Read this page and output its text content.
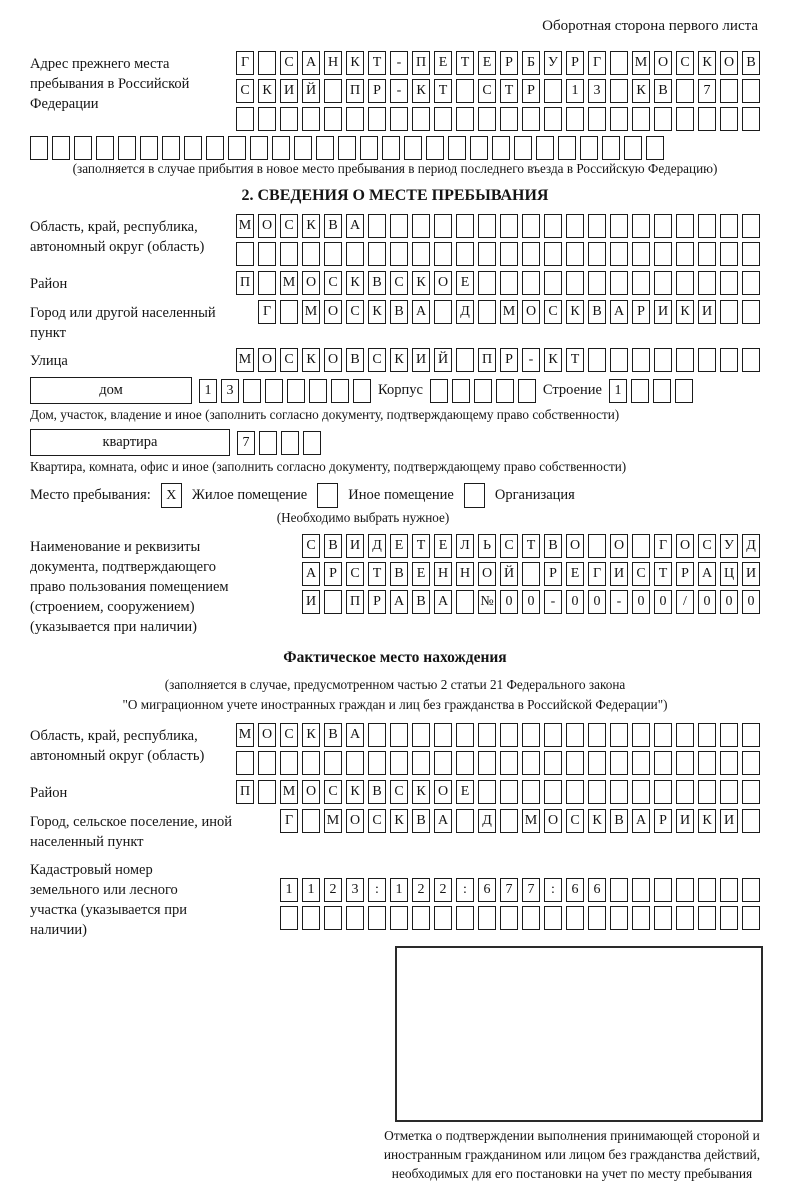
Оборотная сторона первого листа
Адрес прежнего места пребывания в Российской Федерации
Г	С А Н К Т	-	П Е Т Е Р	Б У Р	Г	М О С К О В
С К И Й П Р	-	К Т	С Т Р	1	3	К В	7
(заполняется в случае прибытия в новое место пребывания в период последнего въезда в Российскую Федерацию)
2. СВЕДЕНИЯ О МЕСТЕ ПРЕБЫВАНИЯ
Область, край, республика, автономный округ (область)
М О С К В А
Район	П М О С К В С К О Е
Город или другой населенный пункт
Г	М О С К В А	Д	М О С К В А Р И К И
Улица	М О С К О В С К И Й П Р	-	К Т
дом	1	3	Корпус	Строение 1
Дом, участок, владение и иное (заполнить согласно документу, подтверждающему право собственности)
квартира	7
Квартира, комната, офис и иное (заполнить согласно документу, подтверждающему право собственности)
Место пребывания:	X	Жилое помещение	Иное помещение	Организация
(Необходимо выбрать нужное)
Наименование и реквизиты документа, подтверждающего право пользования помещением (строением, сооружением) (указывается при наличии)
С В И Д Е Т Е Л Ь С Т В О О	Г О С У Д
А Р С Т В Е Н Н О Й	Р Е Г И С Т Р А Ц И
И П Р А В А № 0	0	-	0	0	-	0	0	/	0	0	0
Фактическое место нахождения
(заполняется в случае, предусмотренном частью 2 статьи 21 Федерального закона
"О миграционном учете иностранных граждан и лиц без гражданства в Российской Федерации")
Область, край, республика, автономный округ (область)
М О С К В А
Район	П М О С К В С К О Е
Город, сельское поселение, иной населенный пункт
Г	М О С К В А	Д	М О С К В А Р И К И
Кадастровый номер земельного или лесного участка (указывается при наличии)
1	1	2	3	:	1	2	2	:	6	7	7	:	6	6
Отметка о подтверждении выполнения принимающей стороной и иностранным гражданином или лицом без гражданства действий, необходимых для его постановки на учет по месту пребывания
